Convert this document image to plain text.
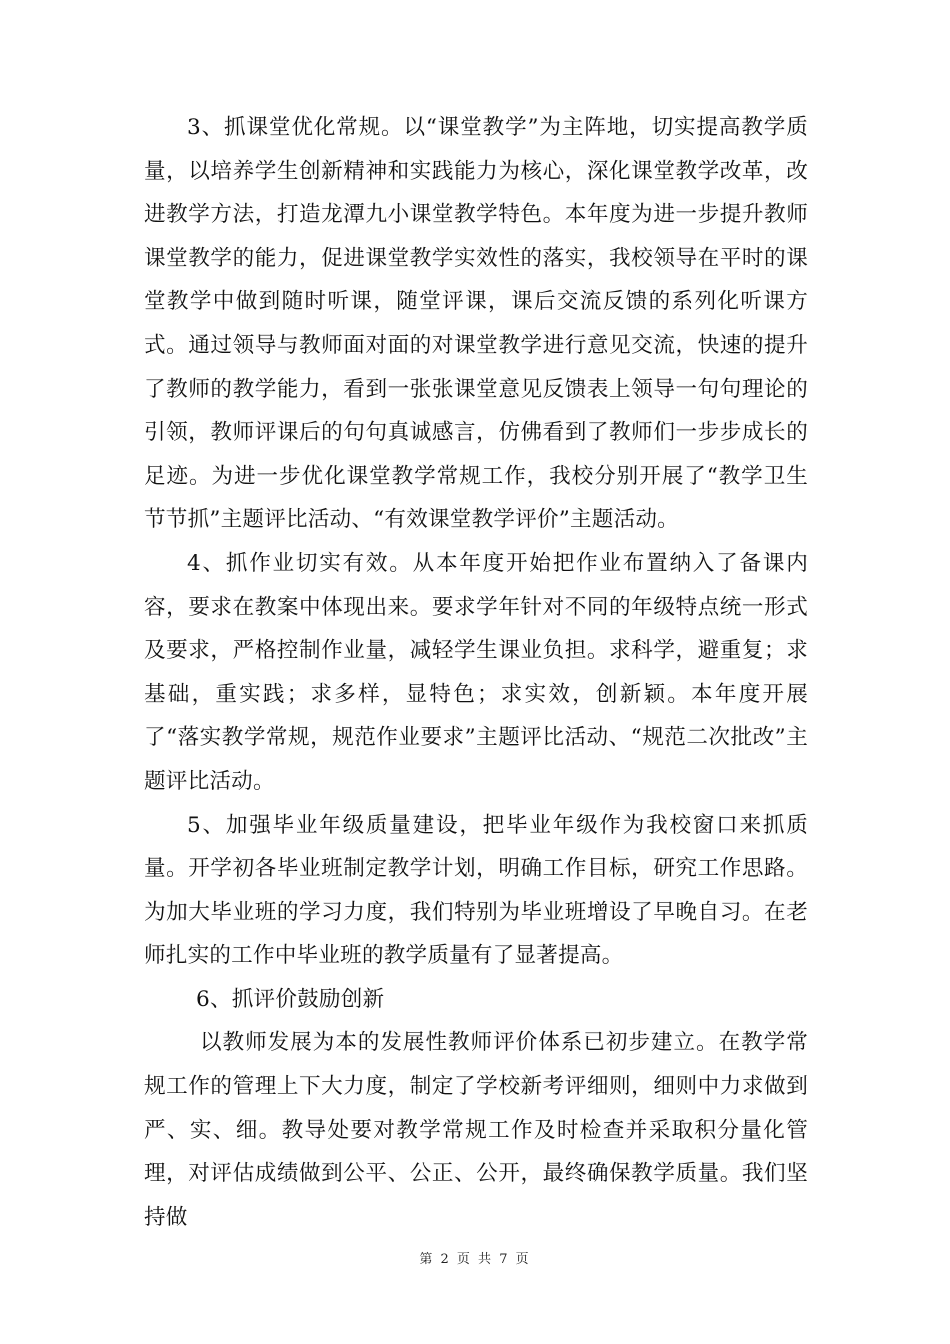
3、抓课堂优化常规。以“课堂教学”为主阵地，切实提高教学质量，以培养学生创新精神和实践能力为核心，深化课堂教学改革，改进教学方法，打造龙潭九小课堂教学特色。本年度为进一步提升教师课堂教学的能力，促进课堂教学实效性的落实，我校领导在平时的课堂教学中做到随时听课，随堂评课，课后交流反馈的系列化听课方式。通过领导与教师面对面的对课堂教学进行意见交流，快速的提升了教师的教学能力，看到一张张课堂意见反馈表上领导一句句理论的引领，教师评课后的句句真诚感言，仿佛看到了教师们一步步成长的足迹。为进一步优化课堂教学常规工作，我校分别开展了“教学卫生节节抓”主题评比活动、“有效课堂教学评价”主题活动。

4、抓作业切实有效。从本年度开始把作业布置纳入了备课内容，要求在教案中体现出来。要求学年针对不同的年级特点统一形式及要求，严格控制作业量，减轻学生课业负担。求科学，避重复；求基础，重实践；求多样，显特色；求实效，创新颖。本年度开展了“落实教学常规，规范作业要求”主题评比活动、“规范二次批改”主题评比活动。

5、加强毕业年级质量建设，把毕业年级作为我校窗口来抓质量。开学初各毕业班制定教学计划，明确工作目标，研究工作思路。为加大毕业班的学习力度，我们特别为毕业班增设了早晚自习。在老师扎实的工作中毕业班的教学质量有了显著提高。

6、抓评价鼓励创新

以教师发展为本的发展性教师评价体系已初步建立。在教学常规工作的管理上下大力度，制定了学校新考评细则，细则中力求做到严、实、细。教导处要对教学常规工作及时检查并采取积分量化管理，对评估成绩做到公平、公正、公开，最终确保教学质量。我们坚持做

第 2 页 共 7 页
